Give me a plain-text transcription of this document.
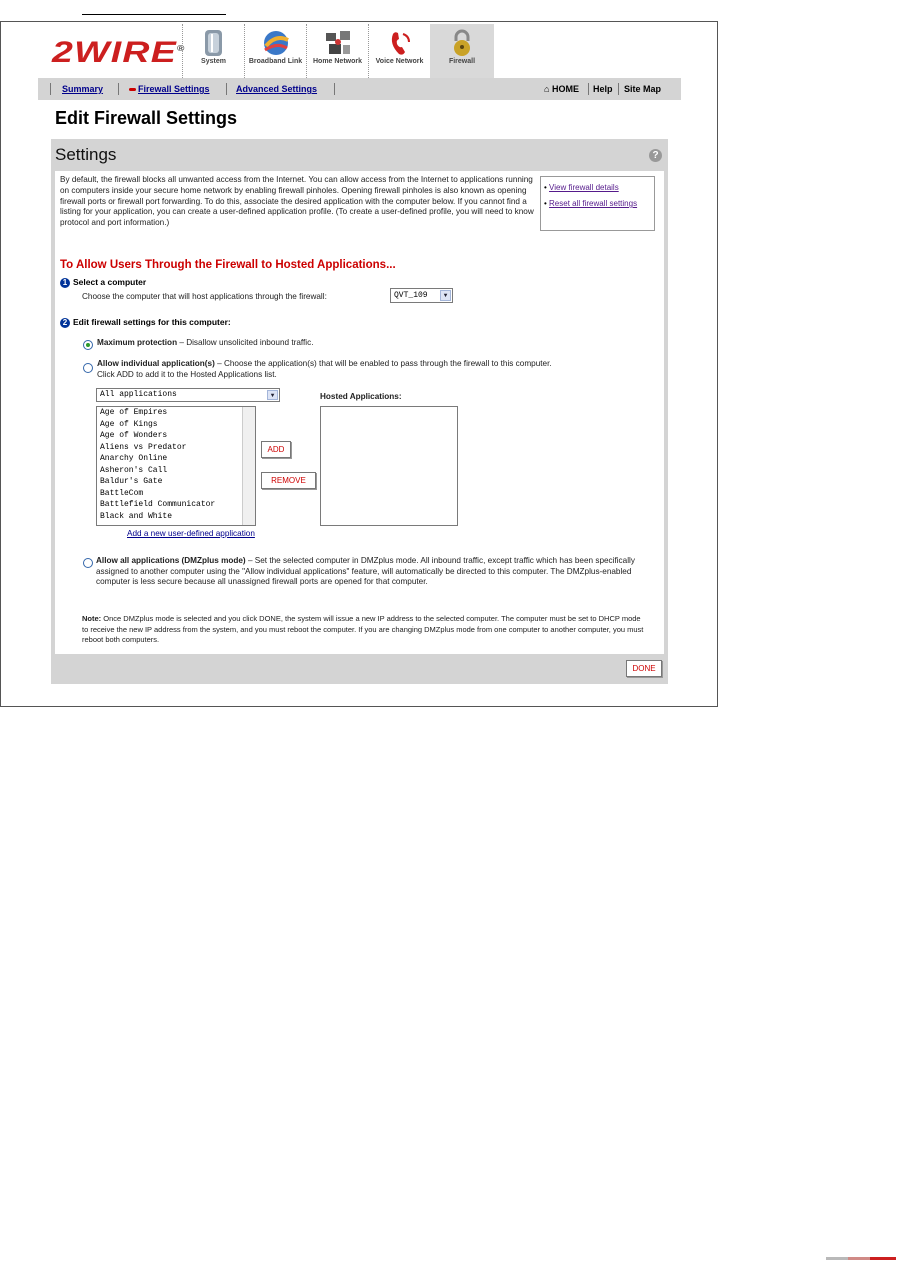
2WIRE®
System	Broadband Link	Home Network	Voice Network	Firewall
Summary	Firewall Settings	Advanced Settings	⌂ HOME Help Site Map
Edit Firewall Settings
Settings	?
By default, the firewall blocks all unwanted access from the Internet. You can allow access from the Internet to applications running on computers inside your secure home network by enabling firewall pinholes. Opening firewall pinholes is also known as opening firewall ports or firewall port forwarding. To do this, associate the desired application with the computer below. If you cannot find a listing for your application, you can create a user-defined application profile. (To create a user-defined profile, you will need to know protocol and port information.)
• View firewall details
• Reset all firewall settings
To Allow Users Through the Firewall to Hosted Applications...
1 Select a computer
Choose the computer that will host applications through the firewall:	QVT_109	▼
2 Edit firewall settings for this computer:
Maximum protection – Disallow unsolicited inbound traffic.
Allow individual application(s) – Choose the application(s) that will be enabled to pass through the firewall to this computer.
Click ADD to add it to the Hosted Applications list.
All applications	▼
Age of Empires
Age of Kings
Age of Wonders
Aliens vs Predator
Anarchy Online
Asheron's Call
Baldur's Gate
BattleCom
Battlefield Communicator
Black and White
ADD
REMOVE
Hosted Applications:
Add a new user-defined application
Allow all applications (DMZplus mode) – Set the selected computer in DMZplus mode. All inbound traffic, except traffic which has been specifically assigned to another computer using the "Allow individual applications" feature, will automatically be directed to this computer. The DMZplus-enabled computer is less secure because all unassigned firewall ports are opened for that computer.
Note: Once DMZplus mode is selected and you click DONE, the system will issue a new IP address to the selected computer. The computer must be set to DHCP mode to receive the new IP address from the system, and you must reboot the computer. If you are changing DMZplus mode from one computer to another computer, you must reboot both computers.
DONE
